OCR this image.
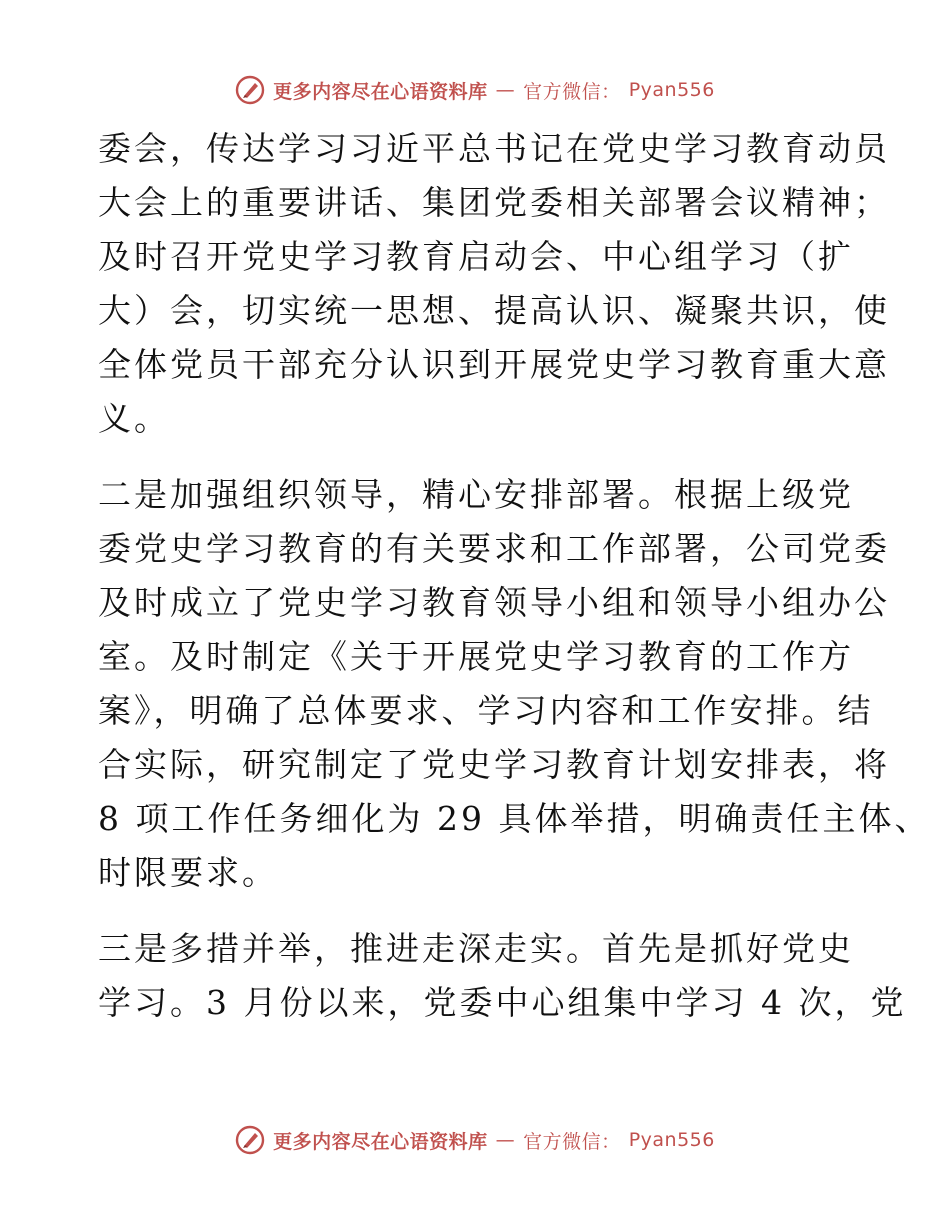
更多内容尽在心语资料库 — 官方微信： Pyan556
委会，传达学习习近平总书记在党史学习教育动员
大会上的重要讲话、集团党委相关部署会议精神；
及时召开党史学习教育启动会、中心组学习（扩
大）会，切实统一思想、提高认识、凝聚共识，使
全体党员干部充分认识到开展党史学习教育重大意
义。
二是加强组织领导，精心安排部署。根据上级党
委党史学习教育的有关要求和工作部署，公司党委
及时成立了党史学习教育领导小组和领导小组办公
室。及时制定《关于开展党史学习教育的工作方
案》，明确了总体要求、学习内容和工作安排。结
合实际，研究制定了党史学习教育计划安排表，将
8 项工作任务细化为 29 具体举措，明确责任主体、
时限要求。
三是多措并举，推进走深走实。首先是抓好党史
学习。3 月份以来，党委中心组集中学习 4 次，党
更多内容尽在心语资料库 — 官方微信： Pyan556
